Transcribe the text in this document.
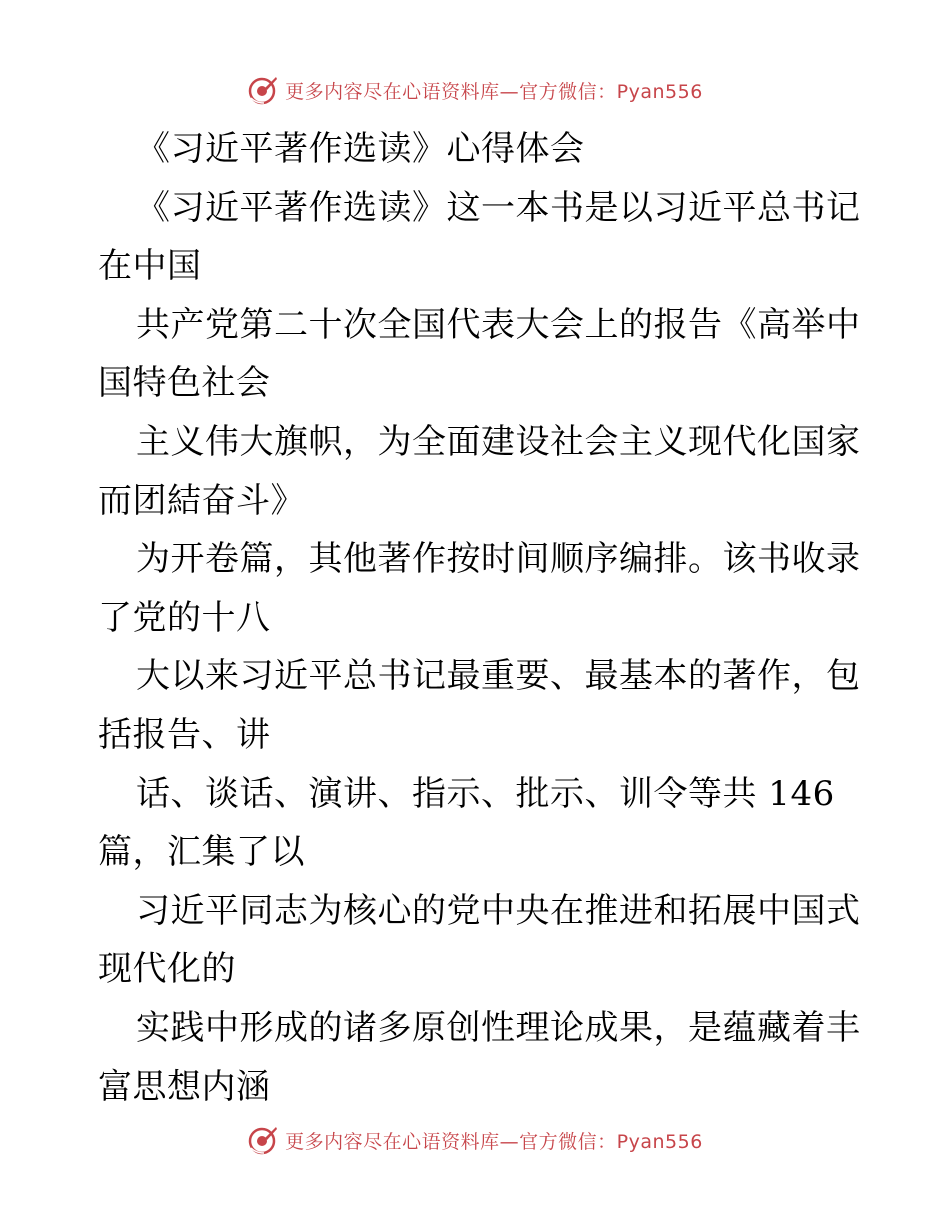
更多内容尽在心语资料库—官方微信：Pyan556
《习近平著作选读》心得体会
《习近平著作选读》这一本书是以习近平总书记
在中国
共产党第二十次全国代表大会上的报告《高举中
国特色社会
主义伟大旗帜，为全面建设社会主义现代化国家
而团結奋斗》
为开卷篇，其他著作按时间顺序编排。该书收录
了党的十八
大以来习近平总书记最重要、最基本的著作，包
括报告、讲
话、谈话、演讲、指示、批示、训令等共 146
篇，汇集了以
习近平同志为核心的党中央在推进和拓展中国式
现代化的
实践中形成的诸多原创性理论成果，是蕴藏着丰
富思想内涵
更多内容尽在心语资料库—官方微信：Pyan556
